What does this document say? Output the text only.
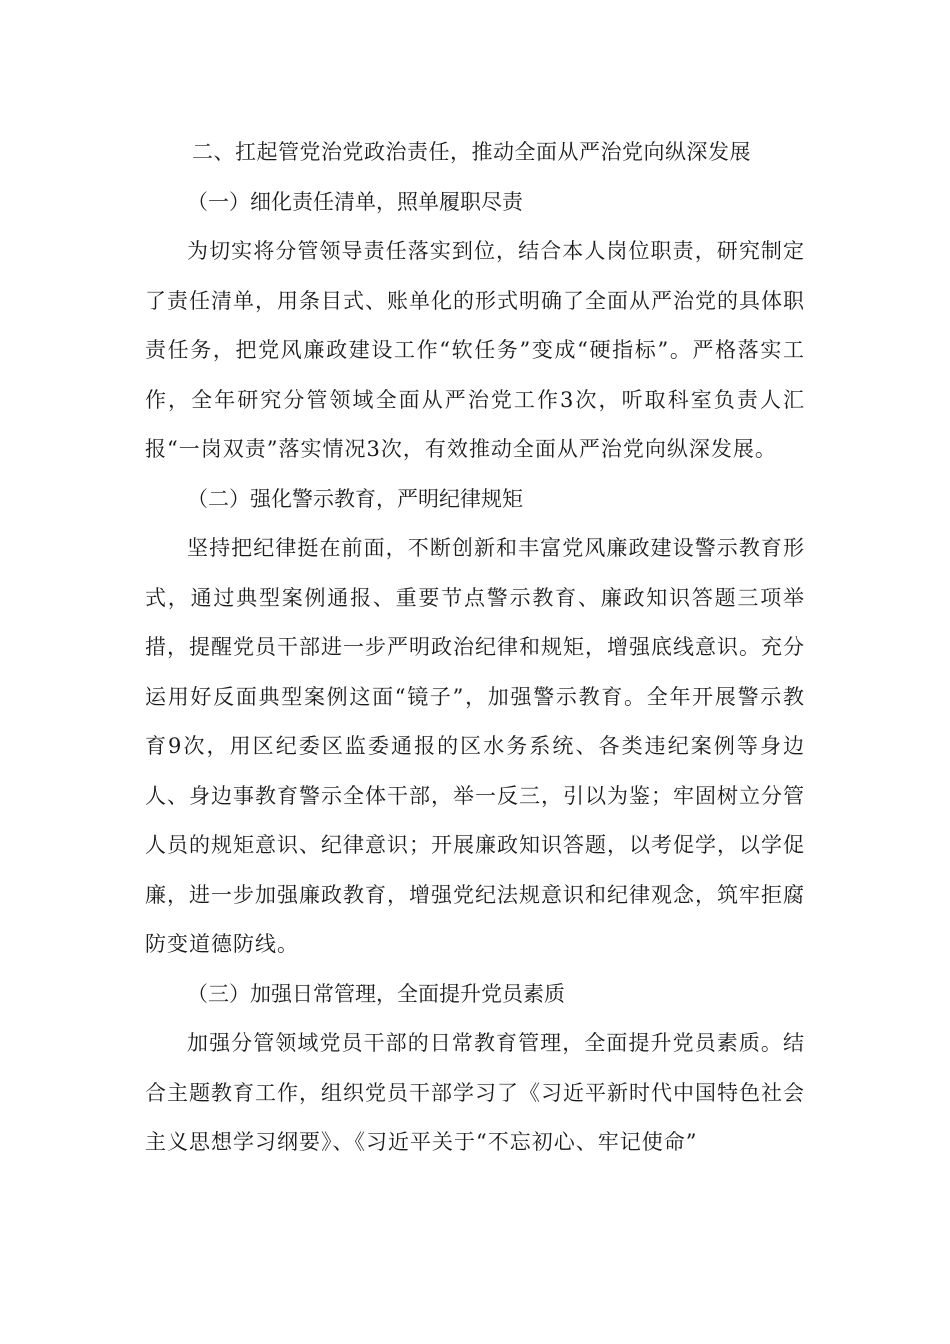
二、扛起管党治党政治责任，推动全面从严治党向纵深发展

（一）细化责任清单，照单履职尽责

为切实将分管领导责任落实到位，结合本人岗位职责，研究制定了责任清单，用条目式、账单化的形式明确了全面从严治党的具体职责任务，把党风廉政建设工作“软任务”变成“硬指标”。严格落实工作，全年研究分管领域全面从严治党工作3次，听取科室负责人汇报“一岗双责”落实情况3次，有效推动全面从严治党向纵深发展。

（二）强化警示教育，严明纪律规矩

坚持把纪律挺在前面，不断创新和丰富党风廉政建设警示教育形式，通过典型案例通报、重要节点警示教育、廉政知识答题三项举措，提醒党员干部进一步严明政治纪律和规矩，增强底线意识。充分运用好反面典型案例这面“镜子”，加强警示教育。全年开展警示教育9次，用区纪委区监委通报的区水务系统、各类违纪案例等身边人、身边事教育警示全体干部，举一反三，引以为鉴；牢固树立分管人员的规矩意识、纪律意识；开展廉政知识答题，以考促学，以学促廉，进一步加强廉政教育，增强党纪法规意识和纪律观念，筑牢拒腐防变道德防线。

（三）加强日常管理，全面提升党员素质

加强分管领域党员干部的日常教育管理，全面提升党员素质。结合主题教育工作，组织党员干部学习了《习近平新时代中国特色社会主义思想学习纲要》、《习近平关于“不忘初心、牢记使命”
